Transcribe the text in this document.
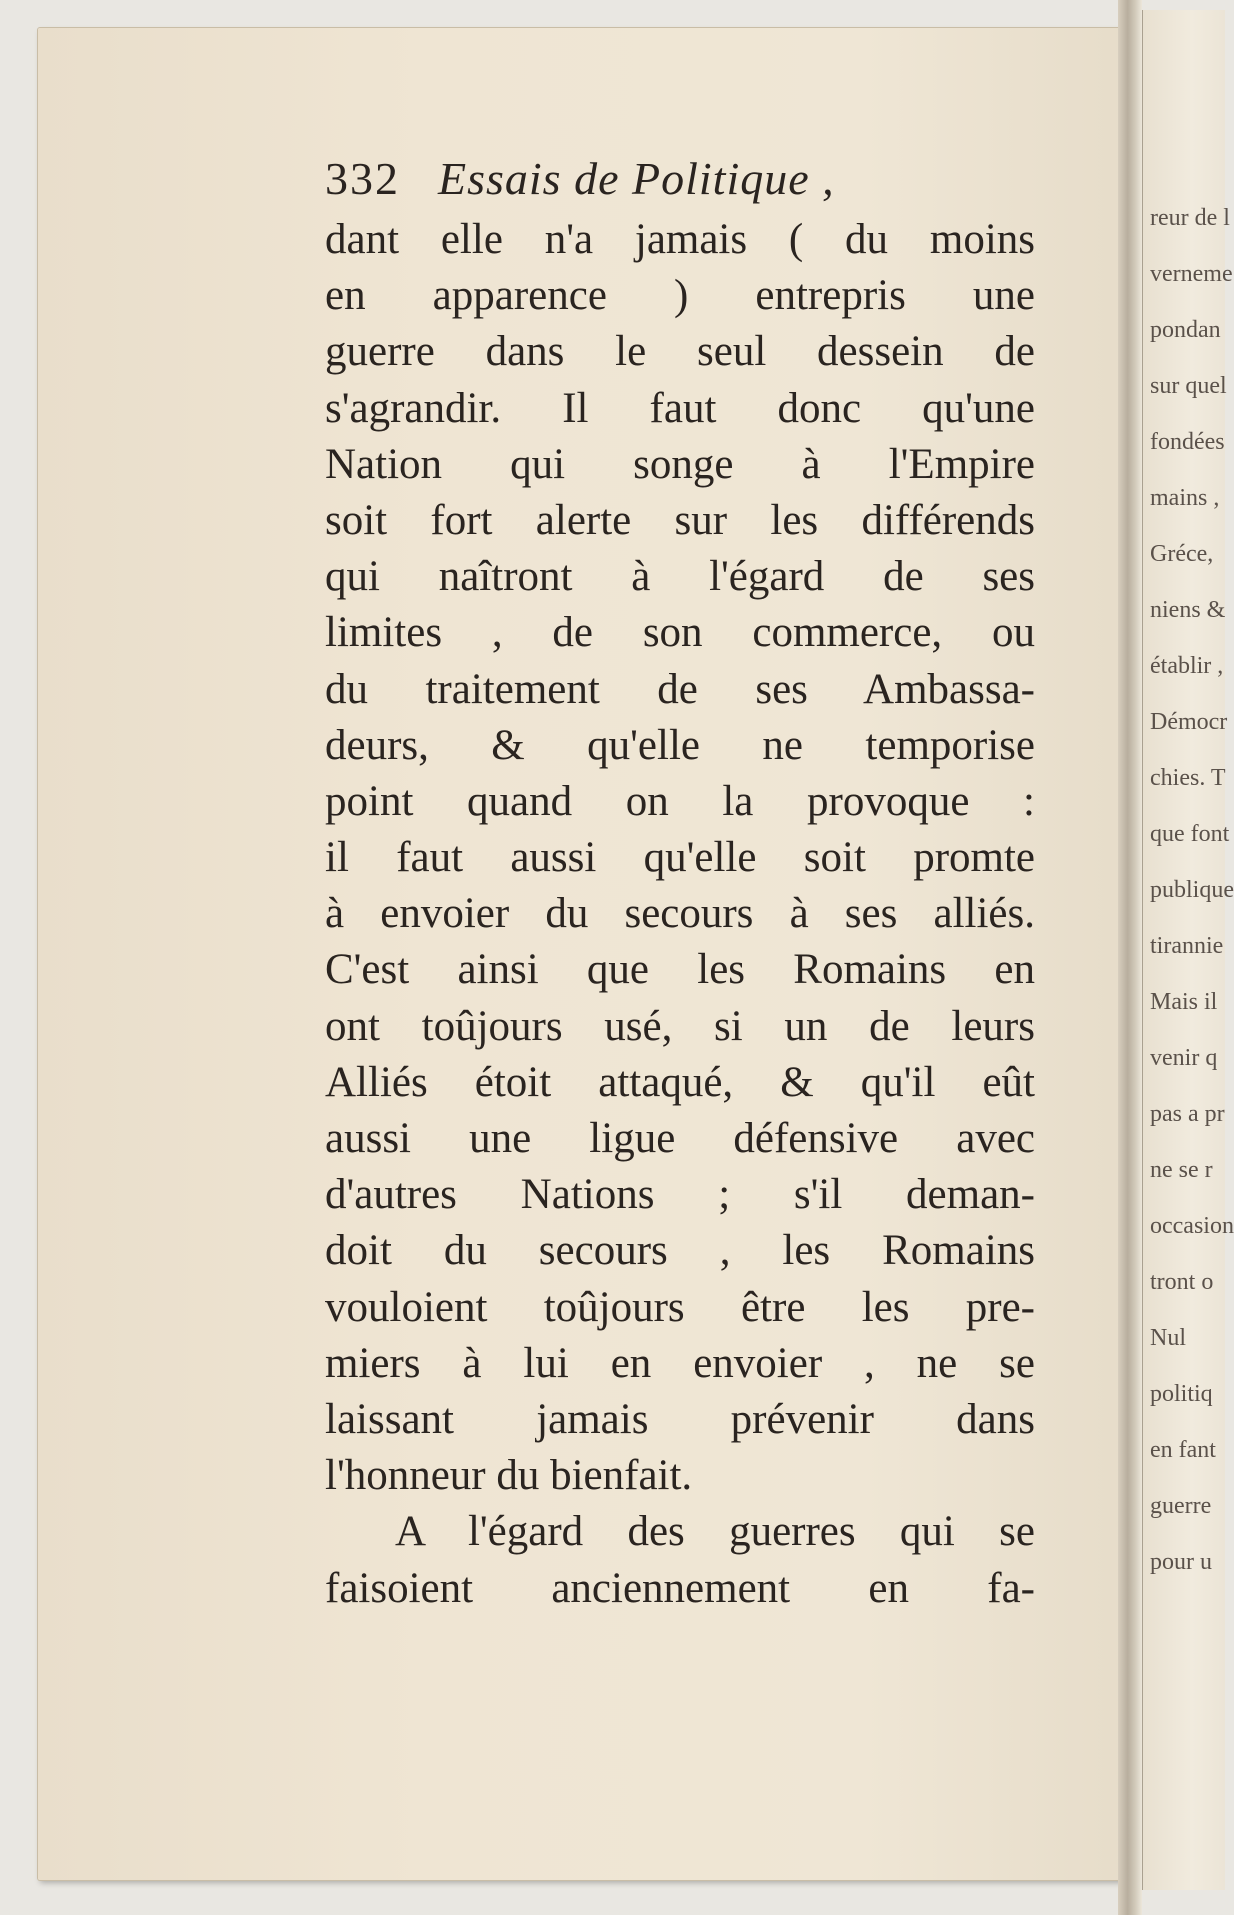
reur de l
verneme
pondan
sur quel
fondées
mains ,
Gréce,
niens &
établir ,
Démocr
chies. T
que font
publique
tirannie
Mais il
venir q
pas a pr
ne se r
occasion
tront o
Nul
politiq
en fant
guerre
pour u
332 Essais de Politique ,
dant elle n'a jamais ( du moins
en apparence ) entrepris une
guerre dans le seul dessein de
s'agrandir. Il faut donc qu'une
Nation qui songe à l'Empire
soit fort alerte sur les différends
qui naîtront à l'égard de ses
limites , de son commerce, ou
du traitement de ses Ambassa-
deurs, & qu'elle ne temporise
point quand on la provoque :
il faut aussi qu'elle soit promte
à envoier du secours à ses alliés.
C'est ainsi que les Romains en
ont toûjours usé, si un de leurs
Alliés étoit attaqué, & qu'il eût
aussi une ligue défensive avec
d'autres Nations ; s'il deman-
doit du secours , les Romains
vouloient toûjours être les pre-
miers à lui en envoier , ne se
laissant jamais prévenir dans
l'honneur du bienfait.
A l'égard des guerres qui se
faisoient anciennement en fa-
